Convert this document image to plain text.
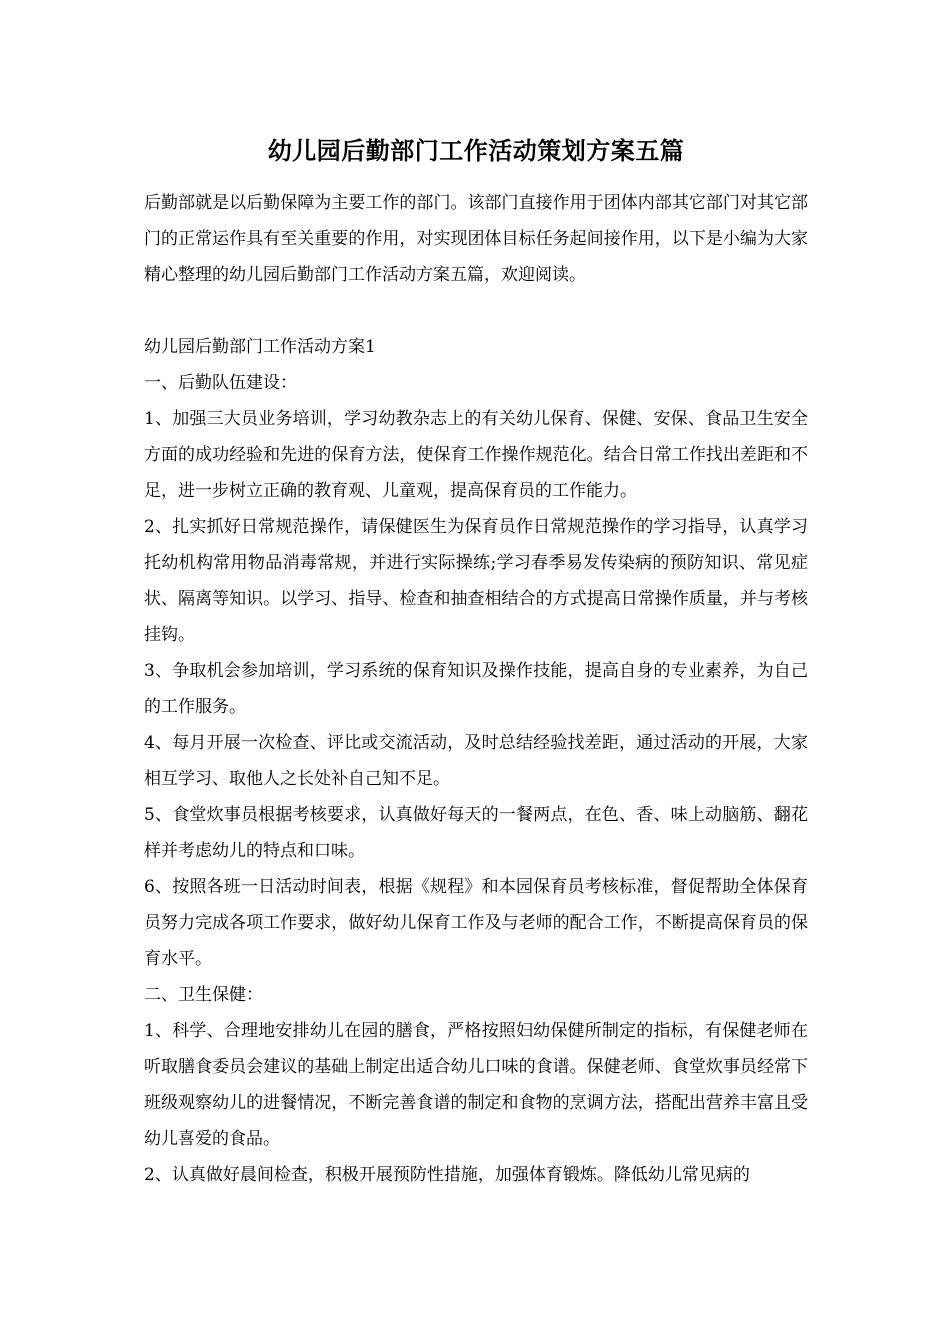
幼儿园后勤部门工作活动策划方案五篇

后勤部就是以后勤保障为主要工作的部门。该部门直接作用于团体内部其它部门对其它部门的正常运作具有至关重要的作用，对实现团体目标任务起间接作用，以下是小编为大家精心整理的幼儿园后勤部门工作活动方案五篇，欢迎阅读。

幼儿园后勤部门工作活动方案1

一、后勤队伍建设：

1、加强三大员业务培训，学习幼教杂志上的有关幼儿保育、保健、安保、食品卫生安全方面的成功经验和先进的保育方法，使保育工作操作规范化。结合日常工作找出差距和不足，进一步树立正确的教育观、儿童观，提高保育员的工作能力。

2、扎实抓好日常规范操作，请保健医生为保育员作日常规范操作的学习指导，认真学习托幼机构常用物品消毒常规，并进行实际操练;学习春季易发传染病的预防知识、常见症状、隔离等知识。以学习、指导、检查和抽查相结合的方式提高日常操作质量，并与考核挂钩。

3、争取机会参加培训，学习系统的保育知识及操作技能，提高自身的专业素养，为自己的工作服务。

4、每月开展一次检查、评比或交流活动，及时总结经验找差距，通过活动的开展，大家相互学习、取他人之长处补自己知不足。

5、食堂炊事员根据考核要求，认真做好每天的一餐两点，在色、香、味上动脑筋、翻花样并考虑幼儿的特点和口味。

6、按照各班一日活动时间表，根据《规程》和本园保育员考核标准，督促帮助全体保育员努力完成各项工作要求，做好幼儿保育工作及与老师的配合工作，不断提高保育员的保育水平。

二、卫生保健：

1、科学、合理地安排幼儿在园的膳食，严格按照妇幼保健所制定的指标，有保健老师在听取膳食委员会建议的基础上制定出适合幼儿口味的食谱。保健老师、食堂炊事员经常下班级观察幼儿的进餐情况，不断完善食谱的制定和食物的烹调方法，搭配出营养丰富且受幼儿喜爱的食品。

2、认真做好晨间检查，积极开展预防性措施，加强体育锻炼。降低幼儿常见病的
